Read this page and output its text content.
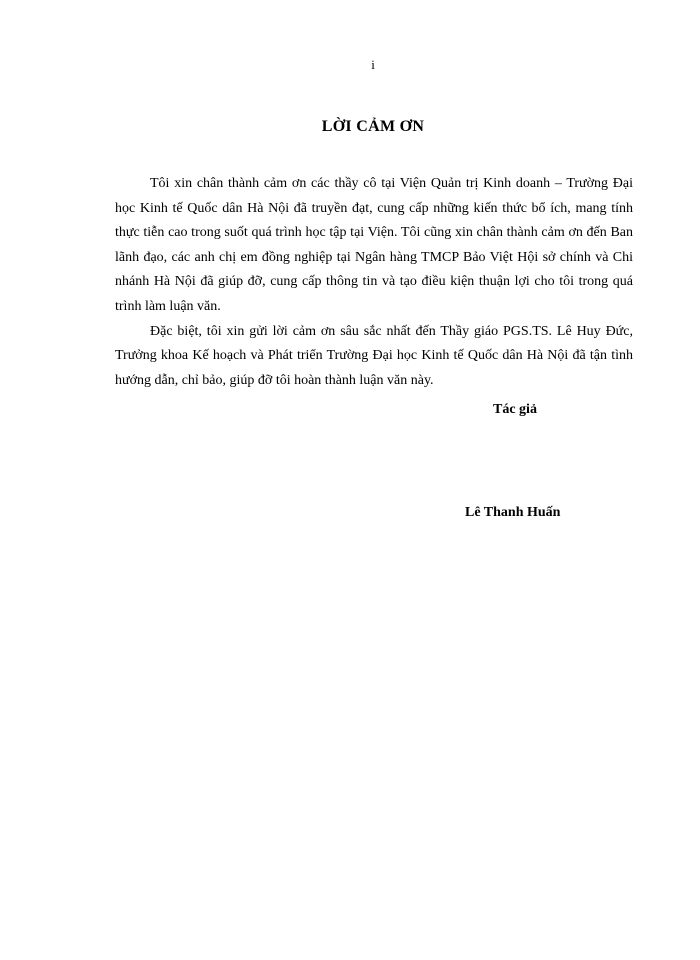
i
LỜI CẢM ƠN

Tôi xin chân thành cảm ơn các thầy cô tại Viện Quản trị Kinh doanh – Trường Đại học Kinh tế Quốc dân Hà Nội đã truyền đạt, cung cấp những kiến thức bổ ích, mang tính thực tiễn cao trong suốt quá trình học tập tại Viện. Tôi cũng xin chân thành cảm ơn đến Ban lãnh đạo, các anh chị em đồng nghiệp tại Ngân hàng TMCP Bảo Việt Hội sở chính và Chi nhánh Hà Nội đã giúp đỡ, cung cấp thông tin và tạo điều kiện thuận lợi cho tôi trong quá trình làm luận văn.

Đặc biệt, tôi xin gửi lời cảm ơn sâu sắc nhất đến Thầy giáo PGS.TS. Lê Huy Đức, Trưởng khoa Kế hoạch và Phát triển Trường Đại học Kinh tế Quốc dân Hà Nội đã tận tình hướng dẫn, chỉ bảo, giúp đỡ tôi hoàn thành luận văn này.

Tác giả
Lê Thanh Huấn
